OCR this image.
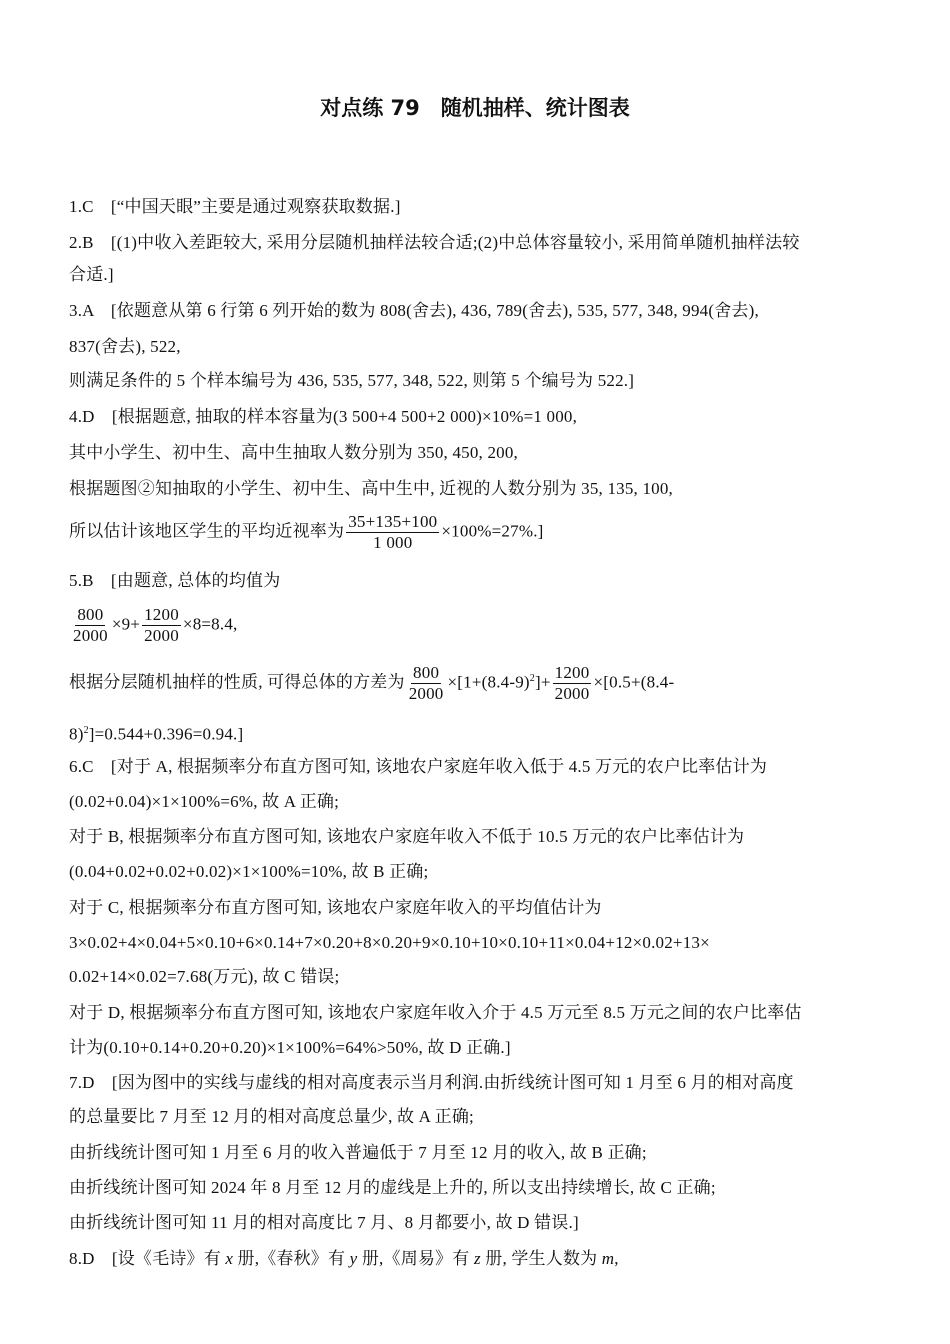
对点练 79　随机抽样、统计图表
1.C　[“中国天眼”主要是通过观察获取数据.]
2.B　[(1)中收入差距较大, 采用分层随机抽样法较合适;(2)中总体容量较小, 采用简单随机抽样法较
合适.]
3.A　[依题意从第 6 行第 6 列开始的数为 808(舍去), 436, 789(舍去), 535, 577, 348, 994(舍去),
837(舍去), 522,
则满足条件的 5 个样本编号为 436, 535, 577, 348, 522, 则第 5 个编号为 522.]
4.D　[根据题意, 抽取的样本容量为(3 500+4 500+2 000)×10%=1 000,
其中小学生、初中生、高中生抽取人数分别为 350, 450, 200,
根据题图②知抽取的小学生、初中生、高中生中, 近视的人数分别为 35, 135, 100,
所以估计该地区学生的平均近视率为 $\frac{35+135+100}{1 000} \times 100\%=27\%$.]
5.B　[由题意, 总体的均值为
$\frac{800}{2000} \times 9+ \frac{1200}{2000} \times 8=8.4$,
根据分层随机抽样的性质, 可得总体的方差为 $\frac{800}{2000} \times[1+(8.4-9)^2]+ \frac{1200}{2000} \times[0.5+(8.4-$
8)$^2$]=0.544+0.396=0.94.]
6.C　[对于 A, 根据频率分布直方图可知, 该地农户家庭年收入低于 4.5 万元的农户比率估计为
(0.02+0.04)×1×100%=6%, 故 A 正确;
对于 B, 根据频率分布直方图可知, 该地农户家庭年收入不低于 10.5 万元的农户比率估计为
(0.04+0.02+0.02+0.02)×1×100%=10%, 故 B 正确;
对于 C, 根据频率分布直方图可知, 该地农户家庭年收入的平均值估计为
3×0.02+4×0.04+5×0.10+6×0.14+7×0.20+8×0.20+9×0.10+10×0.10+11×0.04+12×0.02+13×
0.02+14×0.02=7.68(万元), 故 C 错误;
对于 D, 根据频率分布直方图可知, 该地农户家庭年收入介于 4.5 万元至 8.5 万元之间的农户比率估
计为(0.10+0.14+0.20+0.20)×1×100%=64%>50%, 故 D 正确.]
7.D　[因为图中的实线与虚线的相对高度表示当月利润.由折线统计图可知 1 月至 6 月的相对高度
的总量要比 7 月至 12 月的相对高度总量少, 故 A 正确;
由折线统计图可知 1 月至 6 月的收入普遍低于 7 月至 12 月的收入, 故 B 正确;
由折线统计图可知 2024 年 8 月至 12 月的虚线是上升的, 所以支出持续增长, 故 C 正确;
由折线统计图可知 11 月的相对高度比 7 月、8 月都要小, 故 D 错误.]
8.D　[设《毛诗》有 x 册,《春秋》有 y 册,《周易》有 z 册, 学生人数为 m,
